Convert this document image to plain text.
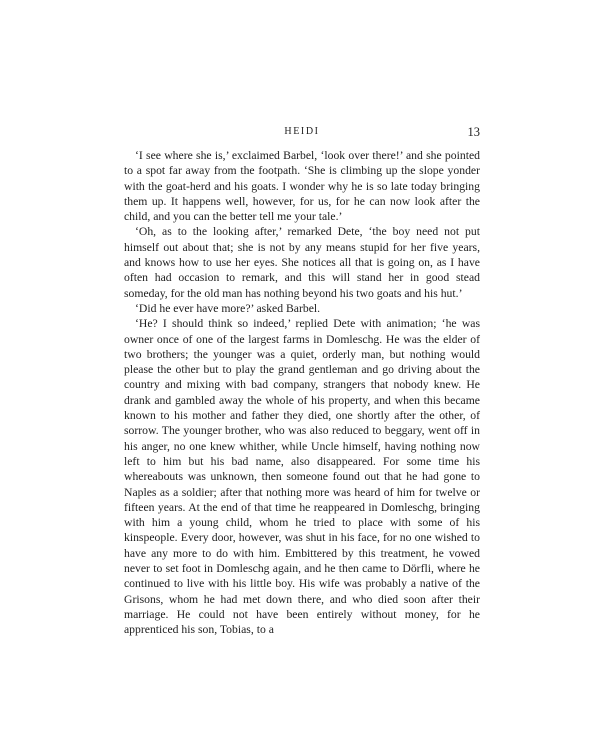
HEIDI	13

‘I see where she is,’ exclaimed Barbel, ‘look over there!’ and she pointed to a spot far away from the footpath. ‘She is climbing up the slope yonder with the goat-herd and his goats. I wonder why he is so late today bringing them up. It happens well, however, for us, for he can now look after the child, and you can the better tell me your tale.’

‘Oh, as to the looking after,’ remarked Dete, ‘the boy need not put himself out about that; she is not by any means stupid for her five years, and knows how to use her eyes. She notices all that is going on, as I have often had occasion to remark, and this will stand her in good stead someday, for the old man has nothing beyond his two goats and his hut.’

‘Did he ever have more?’ asked Barbel.

‘He? I should think so indeed,’ replied Dete with animation; ‘he was owner once of one of the largest farms in Domleschg. He was the elder of two brothers; the younger was a quiet, orderly man, but nothing would please the other but to play the grand gentleman and go driving about the country and mixing with bad company, strangers that nobody knew. He drank and gambled away the whole of his property, and when this became known to his mother and father they died, one shortly after the other, of sorrow. The younger brother, who was also reduced to beggary, went off in his anger, no one knew whither, while Uncle himself, having nothing now left to him but his bad name, also disappeared. For some time his whereabouts was unknown, then someone found out that he had gone to Naples as a soldier; after that nothing more was heard of him for twelve or fifteen years. At the end of that time he reappeared in Domleschg, bringing with him a young child, whom he tried to place with some of his kinspeople. Every door, however, was shut in his face, for no one wished to have any more to do with him. Embittered by this treatment, he vowed never to set foot in Domleschg again, and he then came to Dörfli, where he continued to live with his little boy. His wife was probably a native of the Grisons, whom he had met down there, and who died soon after their marriage. He could not have been entirely without money, for he apprenticed his son, Tobias, to a
